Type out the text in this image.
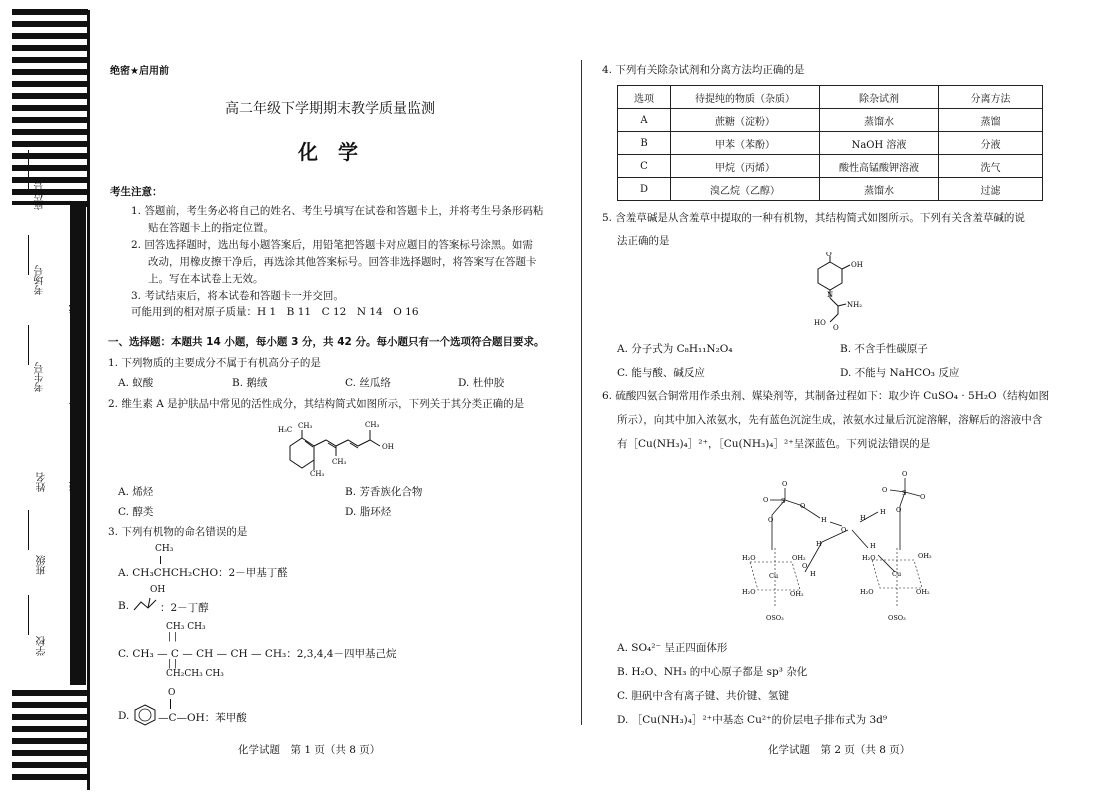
座位号
考场号
考生号
姓名
班级
学校
线
订
装
绝密★启用前
高二年级下学期期末教学质量监测
化　学
考生注意：
1. 答题前，考生务必将自己的姓名、考生号填写在试卷和答题卡上，并将考生号条形码粘
贴在答题卡上的指定位置。
2. 回答选择题时，选出每小题答案后，用铅笔把答题卡对应题目的答案标号涂黑。如需
改动，用橡皮擦干净后，再选涂其他答案标号。回答非选择题时，将答案写在答题卡
上。写在本试卷上无效。
3. 考试结束后，将本试卷和答题卡一并交回。
可能用到的相对原子质量：H 1　B 11　C 12　N 14　O 16
一、选择题：本题共 14 小题，每小题 3 分，共 42 分。每小题只有一个选项符合题目要求。
1. 下列物质的主要成分不属于有机高分子的是
A. 蚁酸	B. 鹅绒	C. 丝瓜络	D. 杜仲胶
2. 维生素 A 是护肤品中常见的活性成分，其结构简式如图所示，下列关于其分类正确的是
H₃C CH₃
CH₃
CH₃
CH₃
OH
A. 烯烃	B. 芳香族化合物
C. 醇类	D. 脂环烃
3. 下列有机物的命名错误的是
CH₃
A. CH₃CHCH₂CHO：2－甲基丁醛
B.
OH
：2－丁醇
CH₃ CH₃
| |
C. CH₃ — C — CH — CH — CH₃：2,3,4,4－四甲基己烷
| |
CH₂CH₃ CH₃
O
D.	—C—OH：苯甲酸
化学试题　第 1 页（共 8 页）
4. 下列有关除杂试剂和分离方法均正确的是
选项	待提纯的物质（杂质）	除杂试剂	分离方法
A	蔗糖（淀粉）	蒸馏水	蒸馏
B	甲苯（苯酚）	NaOH 溶液	分液
C	甲烷（丙烯）	酸性高锰酸钾溶液	洗气
D	溴乙烷（乙醇）	蒸馏水	过滤
5. 含羞草碱是从含羞草中提取的一种有机物，其结构简式如图所示。下列有关含羞草碱的说
法正确的是
O
OH
N
NH₂
HO
O
A. 分子式为 C₈H₁₁N₂O₄	B. 不含手性碳原子
C. 能与酸、碱反应	D. 不能与 NaHCO₃ 反应
6. 硫酸四氨合铜常用作杀虫剂、媒染剂等，其制备过程如下：取少许 CuSO₄ · 5H₂O（结构如图
所示），向其中加入浓氨水，先有蓝色沉淀生成，浓氨水过量后沉淀溶解，溶解后的溶液中含
有［Cu(NH₃)₄］²⁺，［Cu(NH₃)₄］²⁺呈深蓝色。下列说法错误的是
O
S
O
O
O	H
O
H
H
O
S
O
O
O
H
H
H₂O
H₂O
OH₂
OH₂
Cu	Cu
H₂O	OH₂
H₂O	OH₂
OSO₃	OSO₃
O
H
A. SO₄²⁻ 呈正四面体形
B. H₂O、NH₃ 的中心原子都是 sp³ 杂化
C. 胆矾中含有离子键、共价键、氢键
D. ［Cu(NH₃)₄］²⁺中基态 Cu²⁺的价层电子排布式为 3d⁹
化学试题　第 2 页（共 8 页）
